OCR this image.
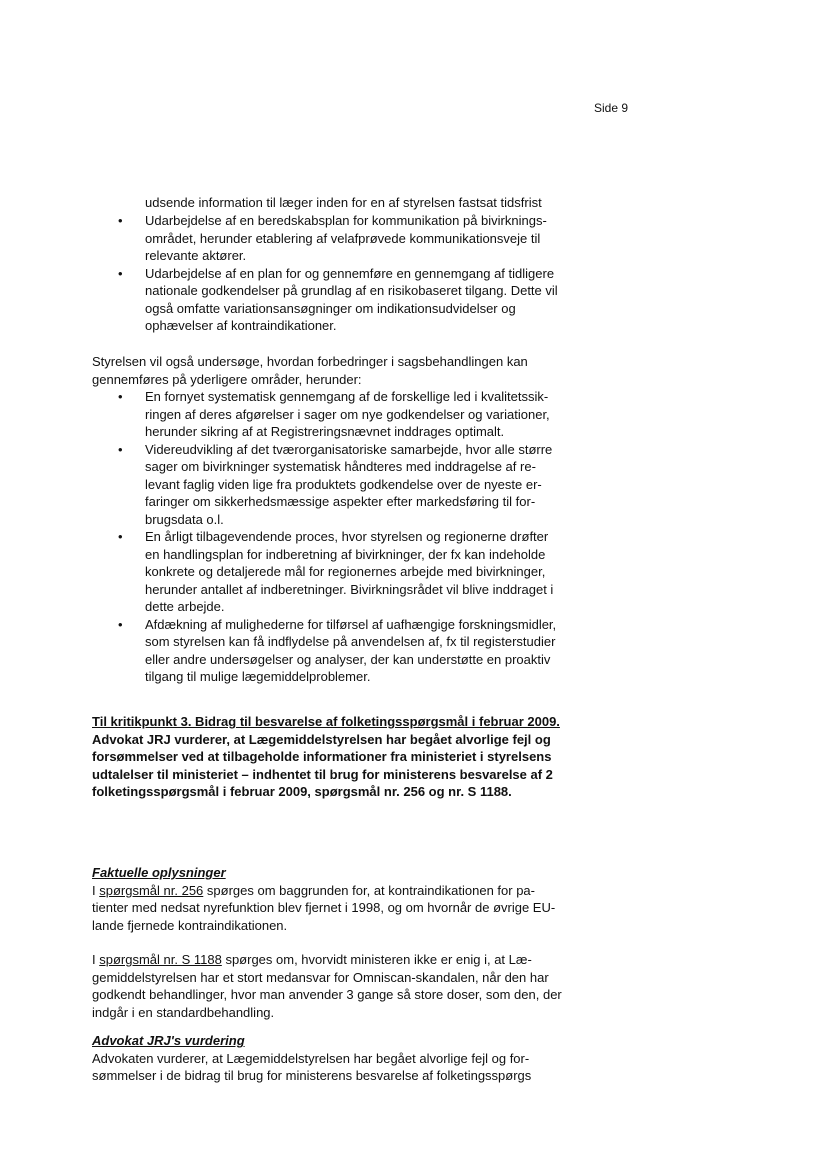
Side 9
udsende information til læger inden for en af styrelsen fastsat tidsfrist
• Udarbejdelse af en beredskabsplan for kommunikation på bivirkningsområdet, herunder etablering af velafprøvede kommunikationsveje til relevante aktører.
• Udarbejdelse af en plan for og gennemføre en gennemgang af tidligere nationale godkendelser på grundlag af en risikobaseret tilgang. Dette vil også omfatte variationsansøgninger om indikationsudvidelser og ophævelser af kontraindikationer.

Styrelsen vil også undersøge, hvordan forbedringer i sagsbehandlingen kan gennemføres på yderligere områder, herunder:

• En fornyet systematisk gennemgang af de forskellige led i kvalitetssikringen af deres afgørelser i sager om nye godkendelser og variationer, herunder sikring af at Registreringsnævnet inddrages optimalt.
• Videreudvikling af det tværorganisatoriske samarbejde, hvor alle større sager om bivirkninger systematisk håndteres med inddragelse af relevant faglig viden lige fra produktets godkendelse over de nyeste erfaringer om sikkerhedsmæssige aspekter efter markedsføring til forbrugsdata o.l.
• En årligt tilbagevendende proces, hvor styrelsen og regionerne drøfter en handlingsplan for indberetning af bivirkninger, der fx kan indeholde konkrete og detaljerede mål for regionernes arbejde med bivirkninger, herunder antallet af indberetninger. Bivirkningsrådet vil blive inddraget i dette arbejde.
• Afdækning af mulighederne for tilførsel af uafhængige forskningsmidler, som styrelsen kan få indflydelse på anvendelsen af, fx til registerstudier eller andre undersøgelser og analyser, der kan understøtte en proaktiv tilgang til mulige lægemiddelproblemer.

Til kritikpunkt 3. Bidrag til besvarelse af folketingsspørgsmål i februar 2009.

Advokat JRJ vurderer, at Lægemiddelstyrelsen har begået alvorlige fejl og forsømmelser ved at tilbageholde informationer fra ministeriet i styrelsens udtalelser til ministeriet – indhentet til brug for ministerens besvarelse af 2 folketingsspørgsmål i februar 2009, spørgsmål nr. 256 og nr. S 1188.

Faktuelle oplysninger

I spørgsmål nr. 256 spørges om baggrunden for, at kontraindikationen for patienter med nedsat nyrefunktion blev fjernet i 1998, og om hvornår de øvrige EU-lande fjernede kontraindikationen.

I spørgsmål nr. S 1188 spørges om, hvorvidt ministeren ikke er enig i, at Lægemiddelstyrelsen har et stort medansvar for Omniscan-skandalen, når den har godkendt behandlinger, hvor man anvender 3 gange så store doser, som den, der indgår i en standardbehandling.

Advokat JRJ's vurdering

Advokaten vurderer, at Lægemiddelstyrelsen har begået alvorlige fejl og forsømmelser i de bidrag til brug for ministerens besvarelse af folketingsspørgs
